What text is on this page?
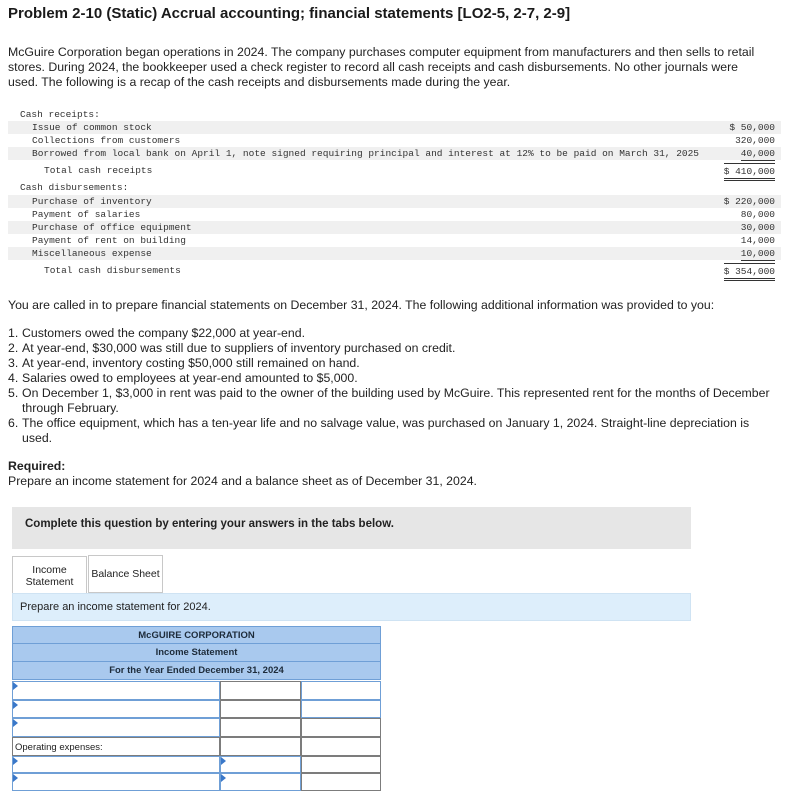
Problem 2-10 (Static) Accrual accounting; financial statements [LO2-5, 2-7, 2-9]
McGuire Corporation began operations in 2024. The company purchases computer equipment from manufacturers and then sells to retail stores. During 2024, the bookkeeper used a check register to record all cash receipts and cash disbursements. No other journals were used. The following is a recap of the cash receipts and disbursements made during the year.
Cash receipts:
Issue of common stock	$ 50,000
Collections from customers	320,000
Borrowed from local bank on April 1, note signed requiring principal and interest at 12% to be paid on March 31, 2025	40,000
Total cash receipts	$ 410,000
Cash disbursements:
Purchase of inventory	$ 220,000
Payment of salaries	80,000
Purchase of office equipment	30,000
Payment of rent on building	14,000
Miscellaneous expense	10,000
Total cash disbursements	$ 354,000
You are called in to prepare financial statements on December 31, 2024. The following additional information was provided to you:
1. Customers owed the company $22,000 at year-end.
2. At year-end, $30,000 was still due to suppliers of inventory purchased on credit.
3. At year-end, inventory costing $50,000 still remained on hand.
4. Salaries owed to employees at year-end amounted to $5,000.
5. On December 1, $3,000 in rent was paid to the owner of the building used by McGuire. This represented rent for the months of December through February.
6. The office equipment, which has a ten-year life and no salvage value, was purchased on January 1, 2024. Straight-line depreciation is used.
Required:
Prepare an income statement for 2024 and a balance sheet as of December 31, 2024.
Complete this question by entering your answers in the tabs below.
Income Statement
Balance Sheet
Prepare an income statement for 2024.
McGUIRE CORPORATION
Income Statement
For the Year Ended December 31, 2024
Operating expenses:
